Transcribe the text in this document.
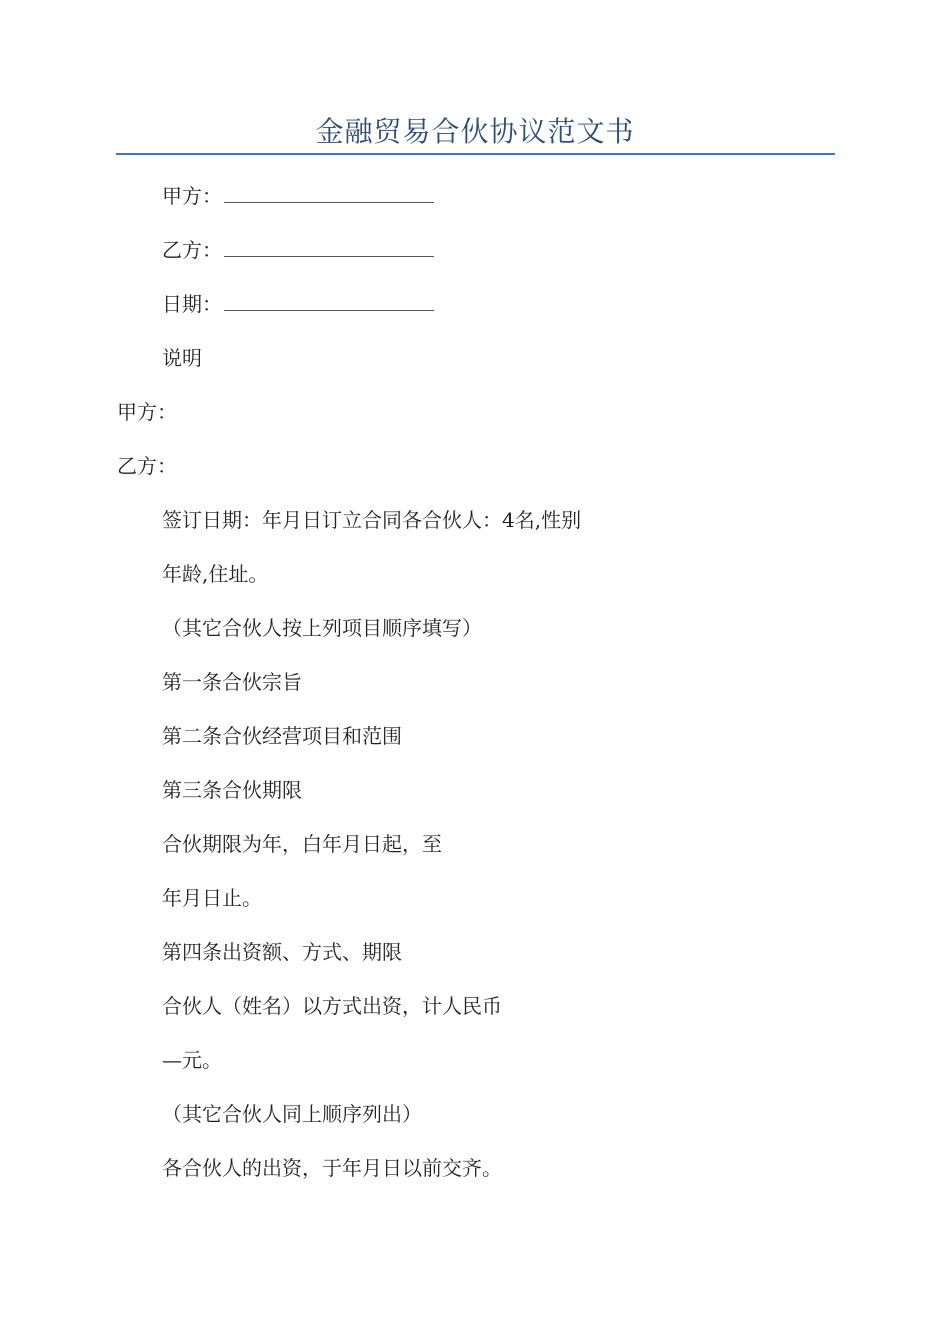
金融贸易合伙协议范文书
甲方：
乙方：
日期：
说明
甲方：
乙方：
签订日期：年月日订立合同各合伙人：4名,性别
年龄,住址。
（其它合伙人按上列项目顺序填写）
第一条合伙宗旨
第二条合伙经营项目和范围
第三条合伙期限
合伙期限为年，白年月日起，至
年月日止。
第四条出资额、方式、期限
合伙人（姓名）以方式出资，计人民币
—元。
（其它合伙人同上顺序列出）
各合伙人的出资，于年月日以前交齐。
